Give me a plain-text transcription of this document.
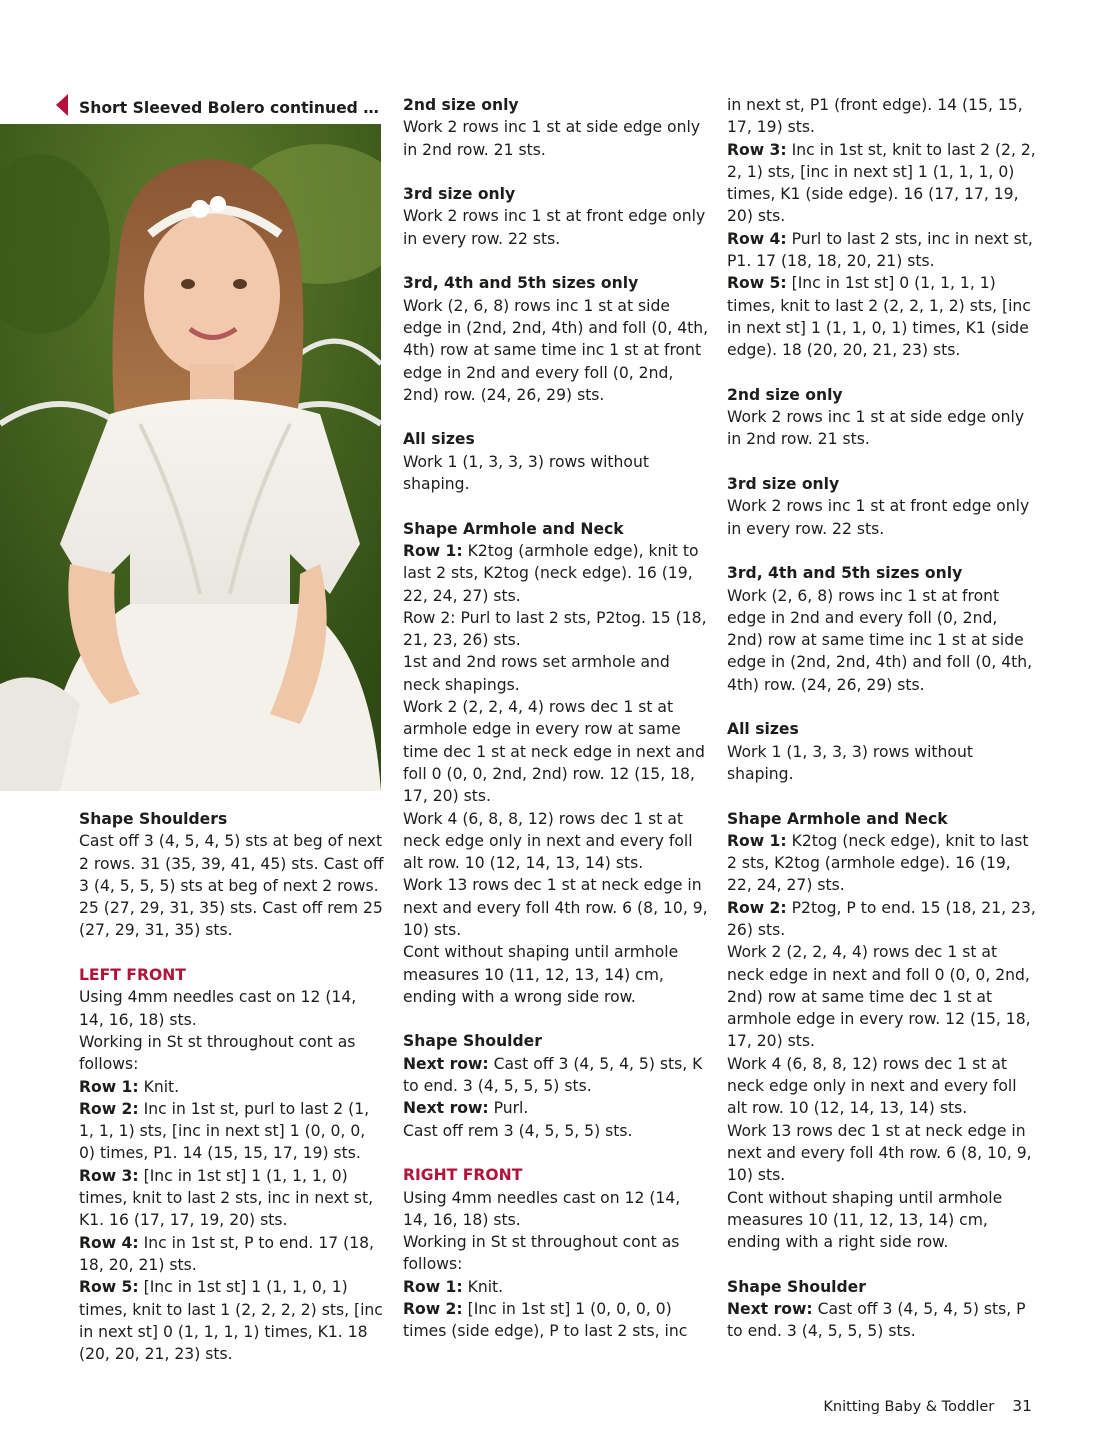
Short Sleeved Bolero continued …

Shape Shoulders
Cast off 3 (4, 5, 4, 5) sts at beg of next 2 rows. 31 (35, 39, 41, 45) sts. Cast off 3 (4, 5, 5, 5) sts at beg of next 2 rows. 25 (27, 29, 31, 35) sts. Cast off rem 25 (27, 29, 31, 35) sts.

LEFT FRONT
Using 4mm needles cast on 12 (14, 14, 16, 18) sts.
Working in St st throughout cont as follows:
Row 1: Knit.
Row 2: Inc in 1st st, purl to last 2 (1, 1, 1, 1) sts, [inc in next st] 1 (0, 0, 0, 0) times, P1. 14 (15, 15, 17, 19) sts.
Row 3: [Inc in 1st st] 1 (1, 1, 1, 0) times, knit to last 2 sts, inc in next st, K1. 16 (17, 17, 19, 20) sts.
Row 4: Inc in 1st st, P to end. 17 (18, 18, 20, 21) sts.
Row 5: [Inc in 1st st] 1 (1, 1, 0, 1) times, knit to last 1 (2, 2, 2, 2) sts, [inc in next st] 0 (1, 1, 1, 1) times, K1. 18 (20, 20, 21, 23) sts.

2nd size only
Work 2 rows inc 1 st at side edge only in 2nd row. 21 sts.

3rd size only
Work 2 rows inc 1 st at front edge only in every row. 22 sts.

3rd, 4th and 5th sizes only
Work (2, 6, 8) rows inc 1 st at side edge in (2nd, 2nd, 4th) and foll (0, 4th, 4th) row at same time inc 1 st at front edge in 2nd and every foll (0, 2nd, 2nd) row. (24, 26, 29) sts.

All sizes
Work 1 (1, 3, 3, 3) rows without shaping.

Shape Armhole and Neck
Row 1: K2tog (armhole edge), knit to last 2 sts, K2tog (neck edge). 16 (19, 22, 24, 27) sts.
Row 2: Purl to last 2 sts, P2tog. 15 (18, 21, 23, 26) sts.
1st and 2nd rows set armhole and neck shapings.
Work 2 (2, 2, 4, 4) rows dec 1 st at armhole edge in every row at same time dec 1 st at neck edge in next and foll 0 (0, 0, 2nd, 2nd) row. 12 (15, 18, 17, 20) sts.
Work 4 (6, 8, 8, 12) rows dec 1 st at neck edge only in next and every foll alt row. 10 (12, 14, 13, 14) sts.
Work 13 rows dec 1 st at neck edge in next and every foll 4th row. 6 (8, 10, 9, 10) sts.
Cont without shaping until armhole measures 10 (11, 12, 13, 14) cm, ending with a wrong side row.

Shape Shoulder
Next row: Cast off 3 (4, 5, 4, 5) sts, K to end. 3 (4, 5, 5, 5) sts.
Next row: Purl.
Cast off rem 3 (4, 5, 5, 5) sts.

RIGHT FRONT
Using 4mm needles cast on 12 (14, 14, 16, 18) sts.
Working in St st throughout cont as follows:
Row 1: Knit.
Row 2: [Inc in 1st st] 1 (0, 0, 0, 0) times (side edge), P to last 2 sts, inc

in next st, P1 (front edge). 14 (15, 15, 17, 19) sts.
Row 3: Inc in 1st st, knit to last 2 (2, 2, 2, 1) sts, [inc in next st] 1 (1, 1, 1, 0) times, K1 (side edge). 16 (17, 17, 19, 20) sts.
Row 4: Purl to last 2 sts, inc in next st, P1. 17 (18, 18, 20, 21) sts.
Row 5: [Inc in 1st st] 0 (1, 1, 1, 1) times, knit to last 2 (2, 2, 1, 2) sts, [inc in next st] 1 (1, 1, 0, 1) times, K1 (side edge). 18 (20, 20, 21, 23) sts.

2nd size only
Work 2 rows inc 1 st at side edge only in 2nd row. 21 sts.

3rd size only
Work 2 rows inc 1 st at front edge only in every row. 22 sts.

3rd, 4th and 5th sizes only
Work (2, 6, 8) rows inc 1 st at front edge in 2nd and every foll (0, 2nd, 2nd) row at same time inc 1 st at side edge in (2nd, 2nd, 4th) and foll (0, 4th, 4th) row. (24, 26, 29) sts.

All sizes
Work 1 (1, 3, 3, 3) rows without shaping.

Shape Armhole and Neck
Row 1: K2tog (neck edge), knit to last 2 sts, K2tog (armhole edge). 16 (19, 22, 24, 27) sts.
Row 2: P2tog, P to end. 15 (18, 21, 23, 26) sts.
Work 2 (2, 2, 4, 4) rows dec 1 st at neck edge in next and foll 0 (0, 0, 2nd, 2nd) row at same time dec 1 st at armhole edge in every row. 12 (15, 18, 17, 20) sts.
Work 4 (6, 8, 8, 12) rows dec 1 st at neck edge only in next and every foll alt row. 10 (12, 14, 13, 14) sts.
Work 13 rows dec 1 st at neck edge in next and every foll 4th row. 6 (8, 10, 9, 10) sts.
Cont without shaping until armhole measures 10 (11, 12, 13, 14) cm, ending with a right side row.

Shape Shoulder
Next row: Cast off 3 (4, 5, 4, 5) sts, P to end. 3 (4, 5, 5, 5) sts.

Knitting Baby & Toddler 31
